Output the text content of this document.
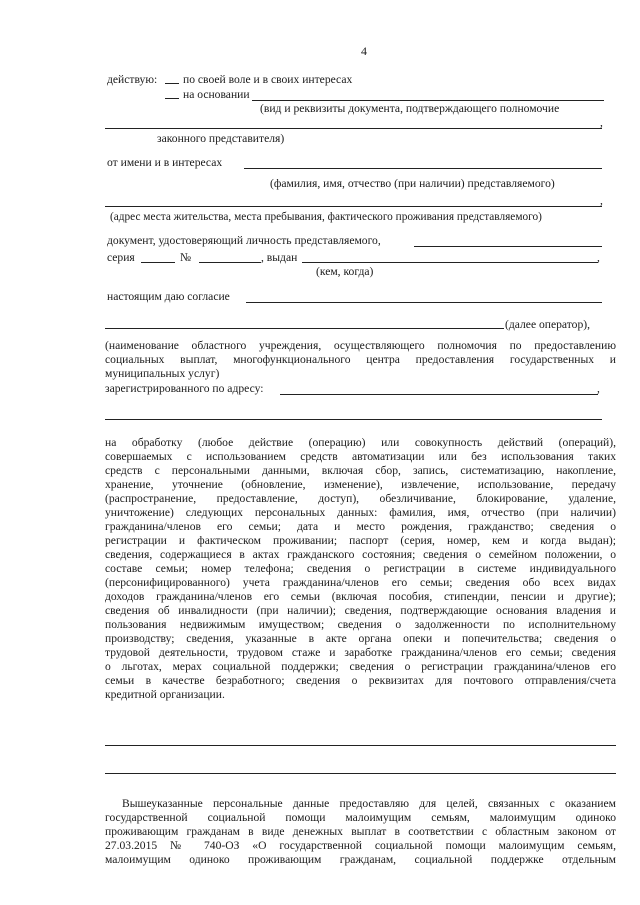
4
действую: по своей воле и в своих интересах
на основании
(вид и реквизиты документа, подтверждающего полномочие
,
законного представителя)
от имени и в интересах
(фамилия, имя, отчество (при наличии) представляемого)
,
(адрес места жительства, места пребывания, фактического проживания представляемого)
документ, удостоверяющий личность представляемого,
серия	№	, выдан	,
(кем, когда)
настоящим даю согласие
(далее оператор),
(наименование областного учреждения, осуществляющего полномочия по предоставлению
социальных выплат, многофункционального центра предоставления государственных и
муниципальных услуг)
зарегистрированного по адресу:	,
на обработку (любое действие (операцию) или совокупность действий (операций),
совершаемых с использованием средств автоматизации или без использования таких
средств с персональными данными, включая сбор, запись, систематизацию, накопление,
хранение, уточнение (обновление, изменение), извлечение, использование, передачу
(распространение, предоставление, доступ), обезличивание, блокирование, удаление,
уничтожение) следующих персональных данных: фамилия, имя, отчество (при наличии)
гражданина/членов его семьи; дата и место рождения, гражданство; сведения о
регистрации и фактическом проживании; паспорт (серия, номер, кем и когда выдан);
сведения, содержащиеся в актах гражданского состояния; сведения о семейном положении, о
составе семьи; номер телефона; сведения о регистрации в системе индивидуального
(персонифицированного) учета гражданина/членов его семьи; сведения обо всех видах
доходов гражданина/членов его семьи (включая пособия, стипендии, пенсии и другие);
сведения об инвалидности (при наличии); сведения, подтверждающие основания владения и
пользования недвижимым имуществом; сведения о задолженности по исполнительному
производству; сведения, указанные в акте органа опеки и попечительства; сведения о
трудовой деятельности, трудовом стаже и заработке гражданина/членов его семьи; сведения
о льготах, мерах социальной поддержки; сведения о регистрации гражданина/членов его
семьи в качестве безработного; сведения о реквизитах для почтового отправления/счета
кредитной организации.
Вышеуказанные персональные данные предоставляю для целей, связанных с оказанием
государственной социальной помощи малоимущим семьям, малоимущим одиноко
проживающим гражданам в виде денежных выплат в соответствии с областным законом от
27.03.2015 № 740-ОЗ «О государственной социальной помощи малоимущим семьям,
малоимущим одиноко проживающим гражданам, социальной поддержке отдельным
